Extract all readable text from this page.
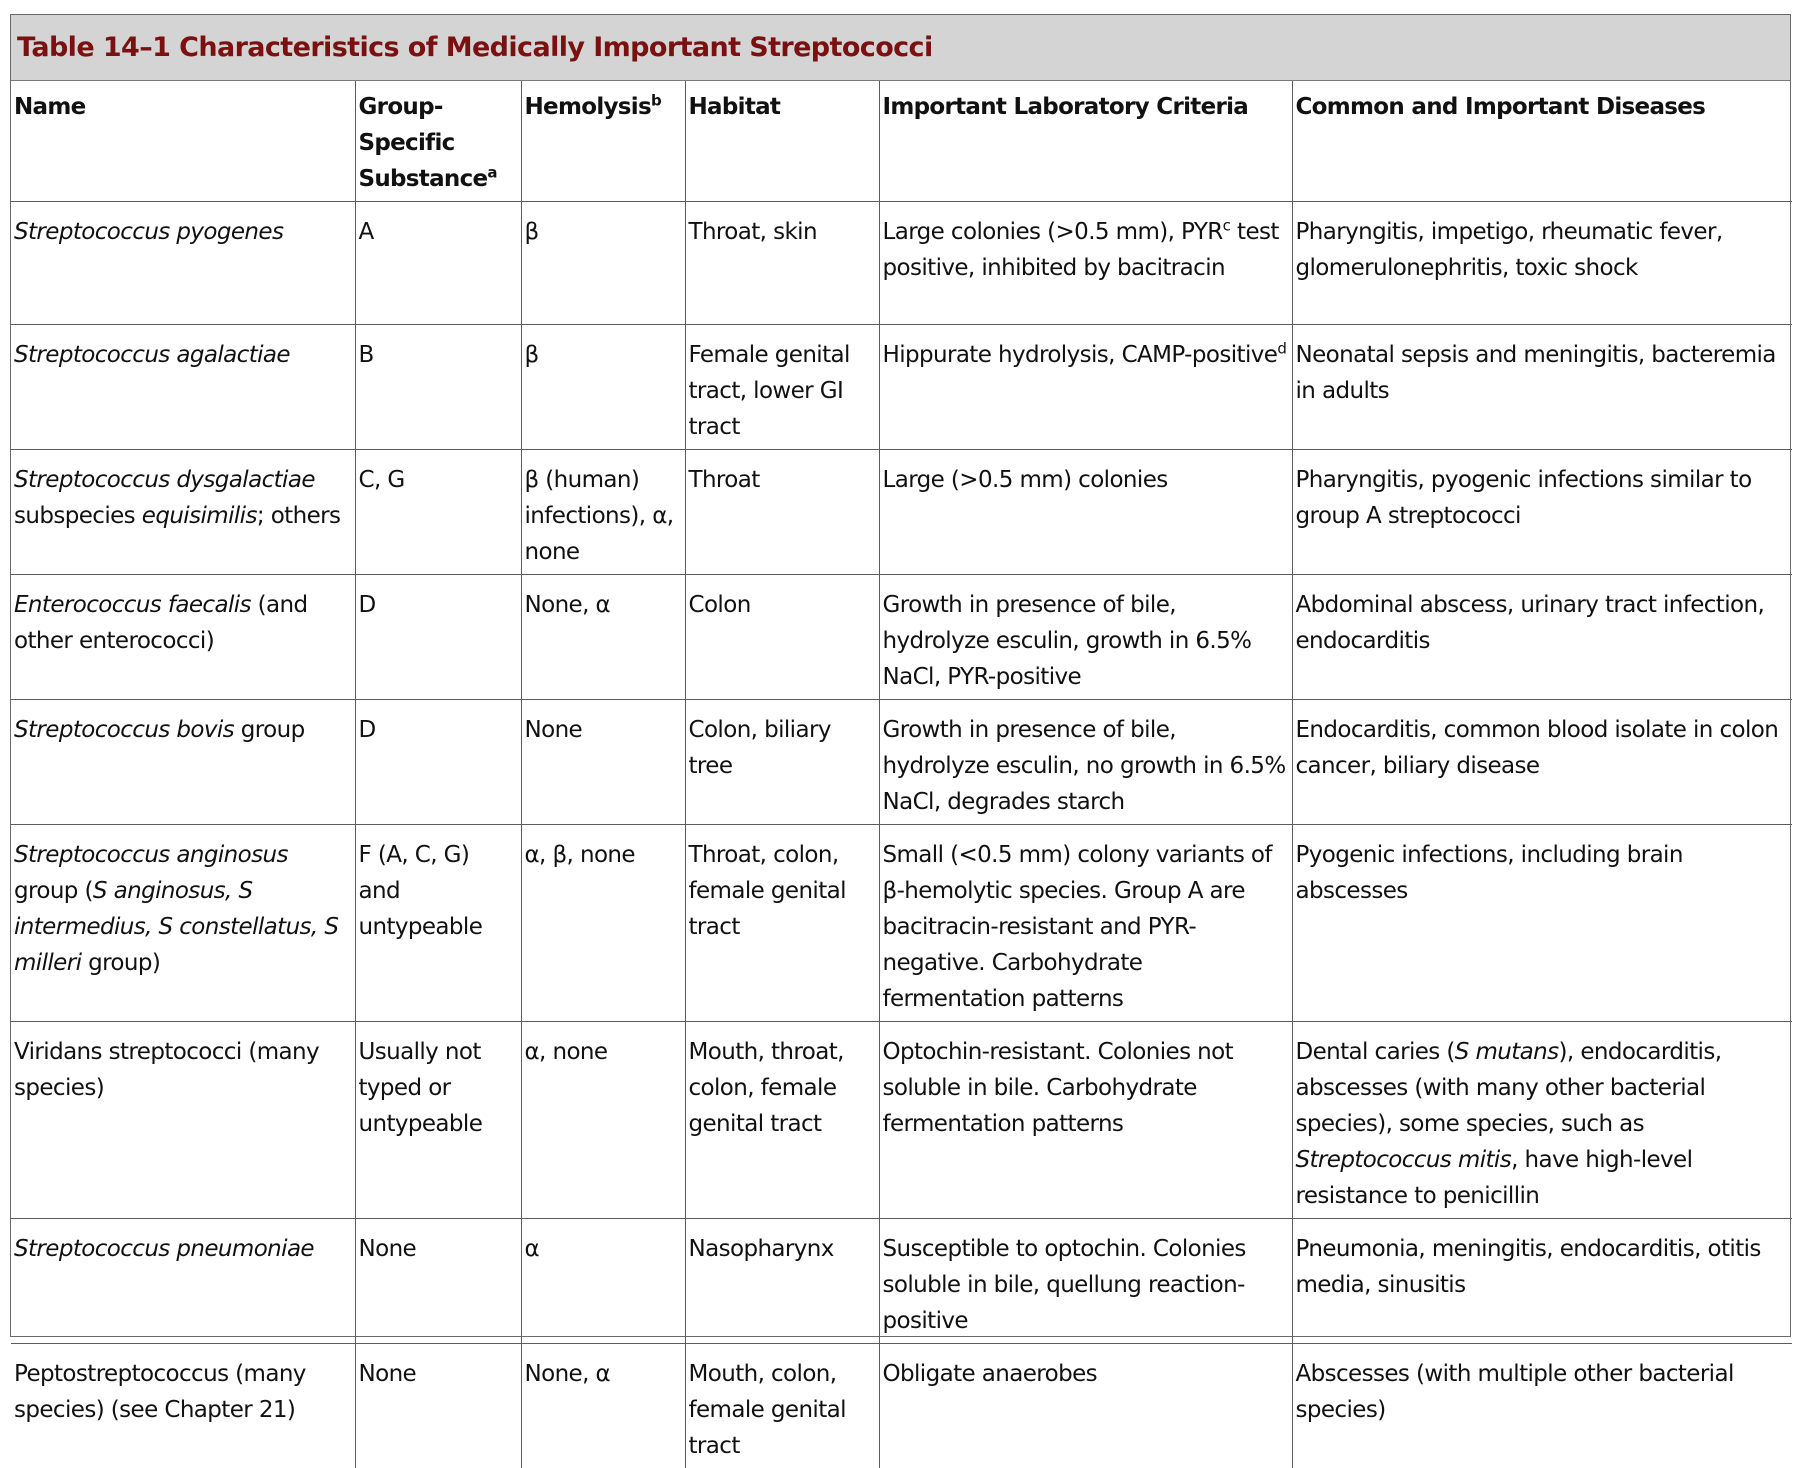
Table 14–1 Characteristics of Medically Important Streptococci
Name	Group-Specific Substance$^a$	Hemolysis$^b$	Habitat	Important Laboratory Criteria	Common and Important Diseases
Streptococcus pyogenes	A	β	Throat, skin	Large colonies (>0.5 mm), PYR$^c$ test positive, inhibited by bacitracin	Pharyngitis, impetigo, rheumatic fever, glomerulonephritis, toxic shock
Streptococcus agalactiae	B	β	Female genital tract, lower GI tract	Hippurate hydrolysis, CAMP-positive$^d$	Neonatal sepsis and meningitis, bacteremia in adults
Streptococcus dysgalactiae subspecies equisimilis; others	C, G	β (human) infections), α, none	Throat	Large (>0.5 mm) colonies	Pharyngitis, pyogenic infections similar to group A streptococci
Enterococcus faecalis (and other enterococci)	D	None, α	Colon	Growth in presence of bile, hydrolyze esculin, growth in 6.5% NaCl, PYR-positive	Abdominal abscess, urinary tract infection, endocarditis
Streptococcus bovis group	D	None	Colon, biliary tree	Growth in presence of bile, hydrolyze esculin, no growth in 6.5% NaCl, degrades starch	Endocarditis, common blood isolate in colon cancer, biliary disease
Streptococcus anginosus group (S anginosus, S intermedius, S constellatus, S milleri group)	F (A, C, G) and untypeable	α, β, none	Throat, colon, female genital tract	Small (<0.5 mm) colony variants of β-hemolytic species. Group A are bacitracin-resistant and PYR-negative. Carbohydrate fermentation patterns	Pyogenic infections, including brain abscesses
Viridans streptococci (many species)	Usually not typed or untypeable	α, none	Mouth, throat, colon, female genital tract	Optochin-resistant. Colonies not soluble in bile. Carbohydrate fermentation patterns	Dental caries (S mutans), endocarditis, abscesses (with many other bacterial species), some species, such as Streptococcus mitis, have high-level resistance to penicillin
Streptococcus pneumoniae	None	α	Nasopharynx	Susceptible to optochin. Colonies soluble in bile, quellung reaction-positive	Pneumonia, meningitis, endocarditis, otitis media, sinusitis
Peptostreptococcus (many species) (see Chapter 21)	None	None, α	Mouth, colon, female genital tract	Obligate anaerobes	Abscesses (with multiple other bacterial species)
